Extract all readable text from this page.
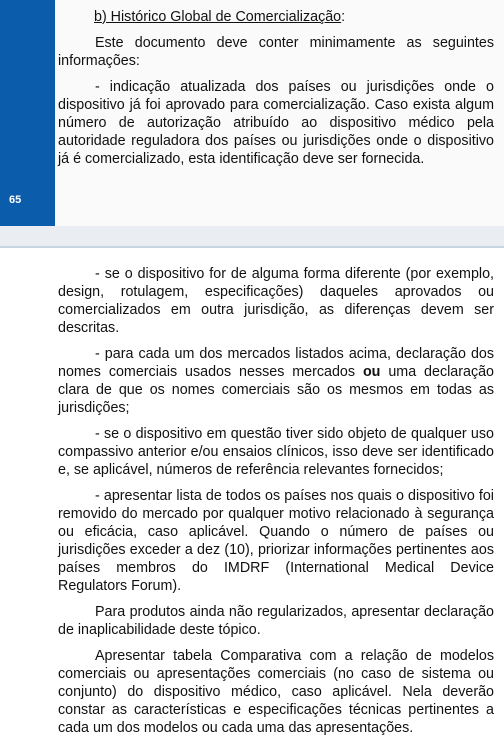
65

b) Histórico Global de Comercialização:

Este documento deve conter minimamente as seguintes informações:

- indicação atualizada dos países ou jurisdições onde o dispositivo já foi aprovado para comercialização. Caso exista algum número de autorização atribuído ao dispositivo médico pela autoridade reguladora dos países ou jurisdições onde o dispositivo já é comercializado, esta identificação deve ser fornecida.

- se o dispositivo for de alguma forma diferente (por exemplo, design, rotulagem, especificações) daqueles aprovados ou comercializados em outra jurisdição, as diferenças devem ser descritas.

- para cada um dos mercados listados acima, declaração dos nomes comerciais usados nesses mercados ou uma declaração clara de que os nomes comerciais são os mesmos em todas as jurisdições;

- se o dispositivo em questão tiver sido objeto de qualquer uso compassivo anterior e/ou ensaios clínicos, isso deve ser identificado e, se aplicável, números de referência relevantes fornecidos;

- apresentar lista de todos os países nos quais o dispositivo foi removido do mercado por qualquer motivo relacionado à segurança ou eficácia, caso aplicável. Quando o número de países ou jurisdições exceder a dez (10), priorizar informações pertinentes aos países membros do IMDRF (International Medical Device Regulators Forum).

Para produtos ainda não regularizados, apresentar declaração de inaplicabilidade deste tópico.

Apresentar tabela Comparativa com a relação de modelos comerciais ou apresentações comerciais (no caso de sistema ou conjunto) do dispositivo médico, caso aplicável. Nela deverão constar as características e especificações técnicas pertinentes a cada um dos modelos ou cada uma das apresentações.
